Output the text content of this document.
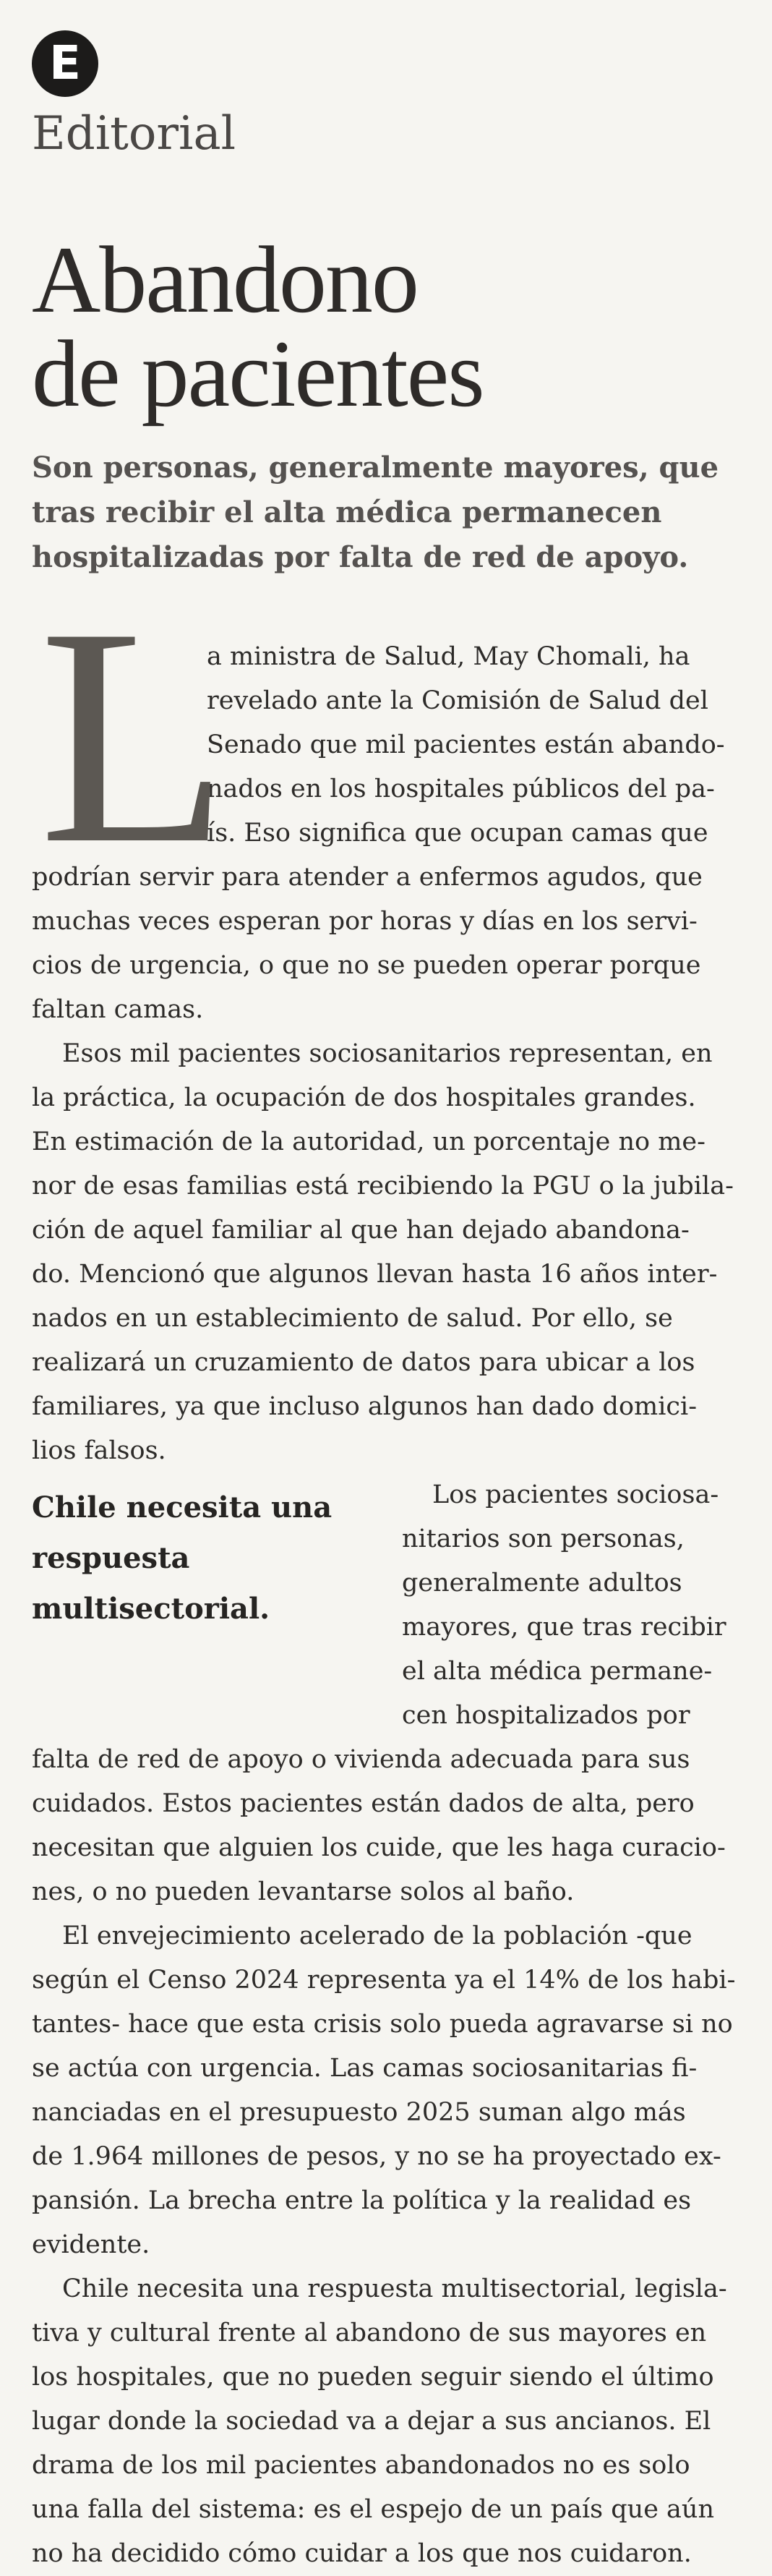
E
Editorial
Abandono
de pacientes
Son personas, generalmente mayores, que
tras recibir el alta médica permanecen
hospitalizadas por falta de red de apoyo.
L
a ministra de Salud, May Chomali, ha
revelado ante la Comisión de Salud del
Senado que mil pacientes están abando-
nados en los hospitales públicos del pa-
ís. Eso significa que ocupan camas que
podrían servir para atender a enfermos agudos, que
muchas veces esperan por horas y días en los servi-
cios de urgencia, o que no se pueden operar porque
faltan camas.
Esos mil pacientes sociosanitarios representan, en
la práctica, la ocupación de dos hospitales grandes.
En estimación de la autoridad, un porcentaje no me-
nor de esas familias está recibiendo la PGU o la jubila-
ción de aquel familiar al que han dejado abandona-
do. Mencionó que algunos llevan hasta 16 años inter-
nados en un establecimiento de salud. Por ello, se
realizará un cruzamiento de datos para ubicar a los
familiares, ya que incluso algunos han dado domici-
lios falsos.
Los pacientes sociosa-
nitarios son personas,
generalmente adultos
mayores, que tras recibir
el alta médica permane-
cen hospitalizados por
falta de red de apoyo o vivienda adecuada para sus
cuidados. Estos pacientes están dados de alta, pero
necesitan que alguien los cuide, que les haga curacio-
nes, o no pueden levantarse solos al baño.
El envejecimiento acelerado de la población -que
según el Censo 2024 representa ya el 14% de los habi-
tantes- hace que esta crisis solo pueda agravarse si no
se actúa con urgencia. Las camas sociosanitarias fi-
nanciadas en el presupuesto 2025 suman algo más
de 1.964 millones de pesos, y no se ha proyectado ex-
pansión. La brecha entre la política y la realidad es
evidente.
Chile necesita una respuesta multisectorial, legisla-
tiva y cultural frente al abandono de sus mayores en
los hospitales, que no pueden seguir siendo el último
lugar donde la sociedad va a dejar a sus ancianos. El
drama de los mil pacientes abandonados no es solo
una falla del sistema: es el espejo de un país que aún
no ha decidido cómo cuidar a los que nos cuidaron.
Chile necesita una
respuesta
multisectorial.
